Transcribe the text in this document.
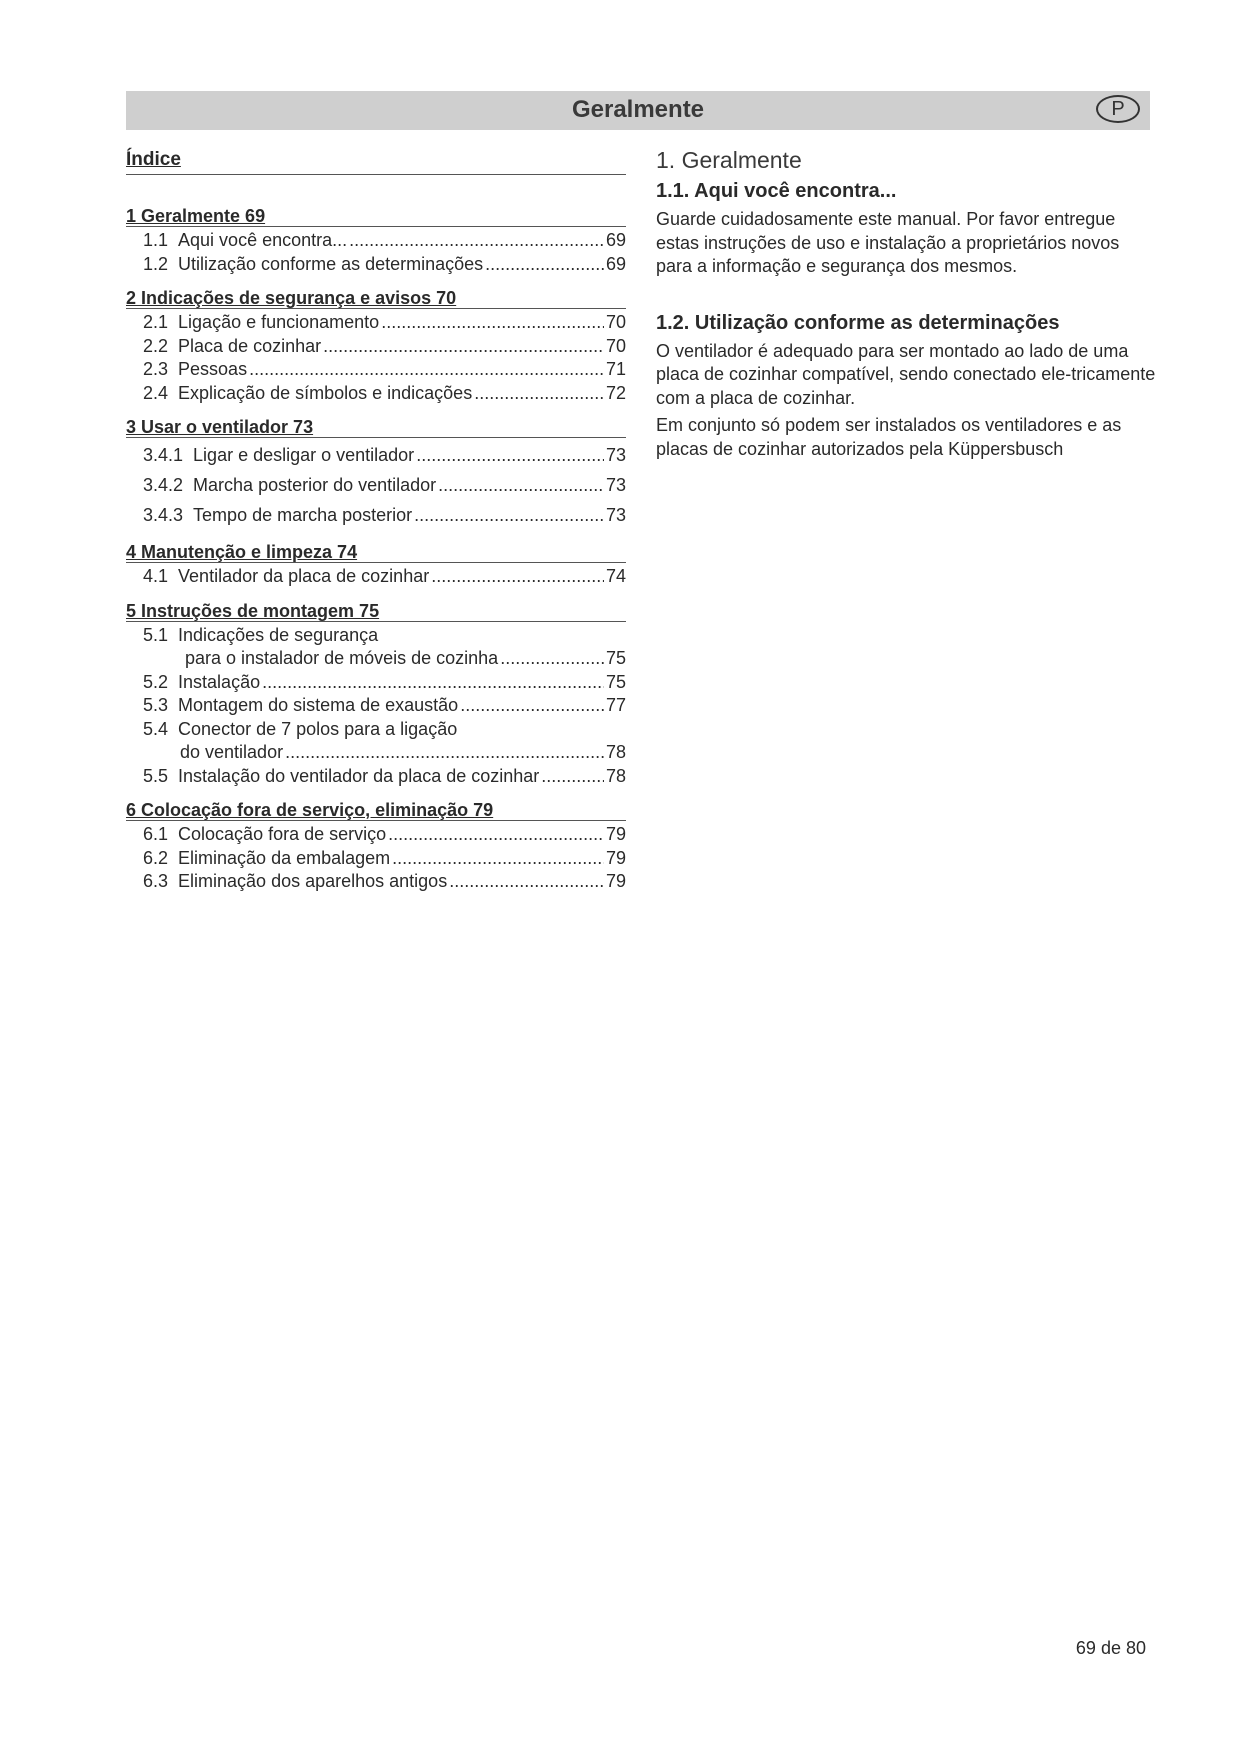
Geralmente	P
Índice
1 Geralmente 69
1.1 Aqui você encontra... .....	69
1.2 Utilização conforme as determinações .....	69
2 Indicações de segurança e avisos 70
2.1 Ligação e funcionamento .....	70
2.2 Placa de cozinhar .....	70
2.3 Pessoas .....	71
2.4 Explicação de símbolos e indicações .....	72
3 Usar o ventilador 73
3.4.1 Ligar e desligar o ventilador .....	73
3.4.2 Marcha posterior do ventilador .....	73
3.4.3 Tempo de marcha posterior .....	73
4 Manutenção e limpeza 74
4.1 Ventilador da placa de cozinhar .....	74
5 Instruções de montagem 75
5.1 Indicações de segurança
para o instalador de móveis de cozinha .....	75
5.2 Instalação .....	75
5.3 Montagem do sistema de exaustão .....	77
5.4 Conector de 7 polos para a ligação
do ventilador .....	78
5.5 Instalação do ventilador da placa de cozinhar .....	78
6 Colocação fora de serviço, eliminação 79
6.1 Colocação fora de serviço .....	79
6.2 Eliminação da embalagem .....	79
6.3 Eliminação dos aparelhos antigos .....	79
1. Geralmente
1.1. Aqui você encontra...
Guarde cuidadosamente este manual. Por favor entregue estas instruções de uso e instalação a proprietários novos para a informação e segurança dos mesmos.
1.2. Utilização conforme as determinações
O ventilador é adequado para ser montado ao lado de uma placa de cozinhar compatível, sendo conectado ele-tricamente com a placa de cozinhar.
Em conjunto só podem ser instalados os ventiladores e as placas de cozinhar autorizados pela Küppersbusch
69 de 80
